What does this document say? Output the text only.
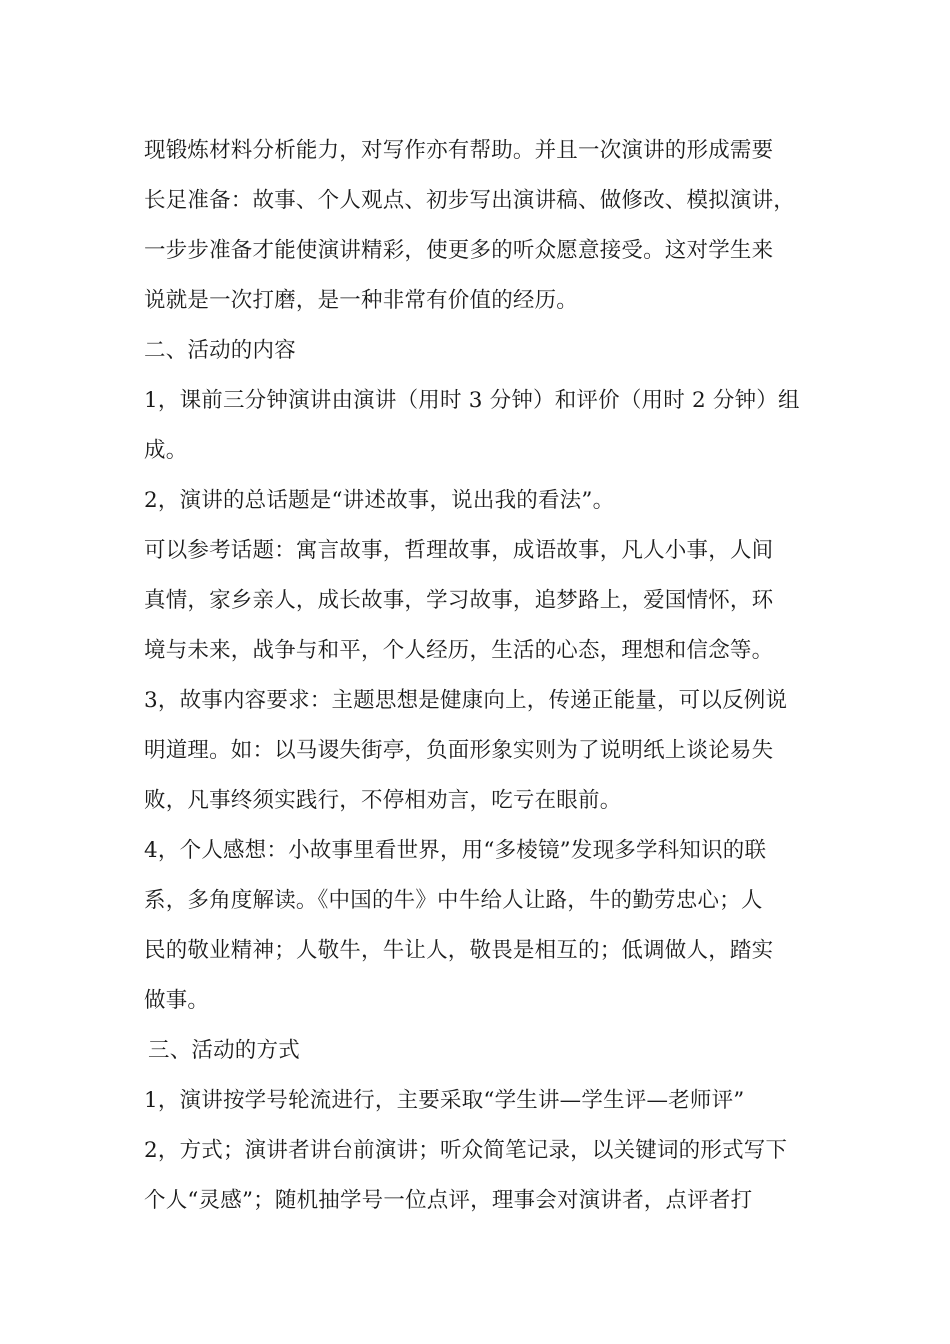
现锻炼材料分析能力，对写作亦有帮助。并且一次演讲的形成需要
长足准备：故事、个人观点、初步写出演讲稿、做修改、模拟演讲，
一步步准备才能使演讲精彩，使更多的听众愿意接受。这对学生来
说就是一次打磨，是一种非常有价值的经历。
二、活动的内容
1，课前三分钟演讲由演讲（用时 3 分钟）和评价（用时 2 分钟）组
成。
2，演讲的总话题是“讲述故事，说出我的看法”。
可以参考话题：寓言故事，哲理故事，成语故事，凡人小事，人间
真情，家乡亲人，成长故事，学习故事，追梦路上，爱国情怀，环
境与未来，战争与和平，个人经历，生活的心态，理想和信念等。
3，故事内容要求：主题思想是健康向上，传递正能量，可以反例说
明道理。如：以马谡失街亭，负面形象实则为了说明纸上谈论易失
败，凡事终须实践行，不停相劝言，吃亏在眼前。
4，个人感想：小故事里看世界，用“多棱镜”发现多学科知识的联
系，多角度解读。《中国的牛》中牛给人让路，牛的勤劳忠心；人
民的敬业精神；人敬牛，牛让人，敬畏是相互的；低调做人，踏实
做事。
三、活动的方式
1，演讲按学号轮流进行，主要采取“学生讲—学生评—老师评”
2，方式；演讲者讲台前演讲；听众简笔记录，以关键词的形式写下
个人“灵感”；随机抽学号一位点评，理事会对演讲者，点评者打
